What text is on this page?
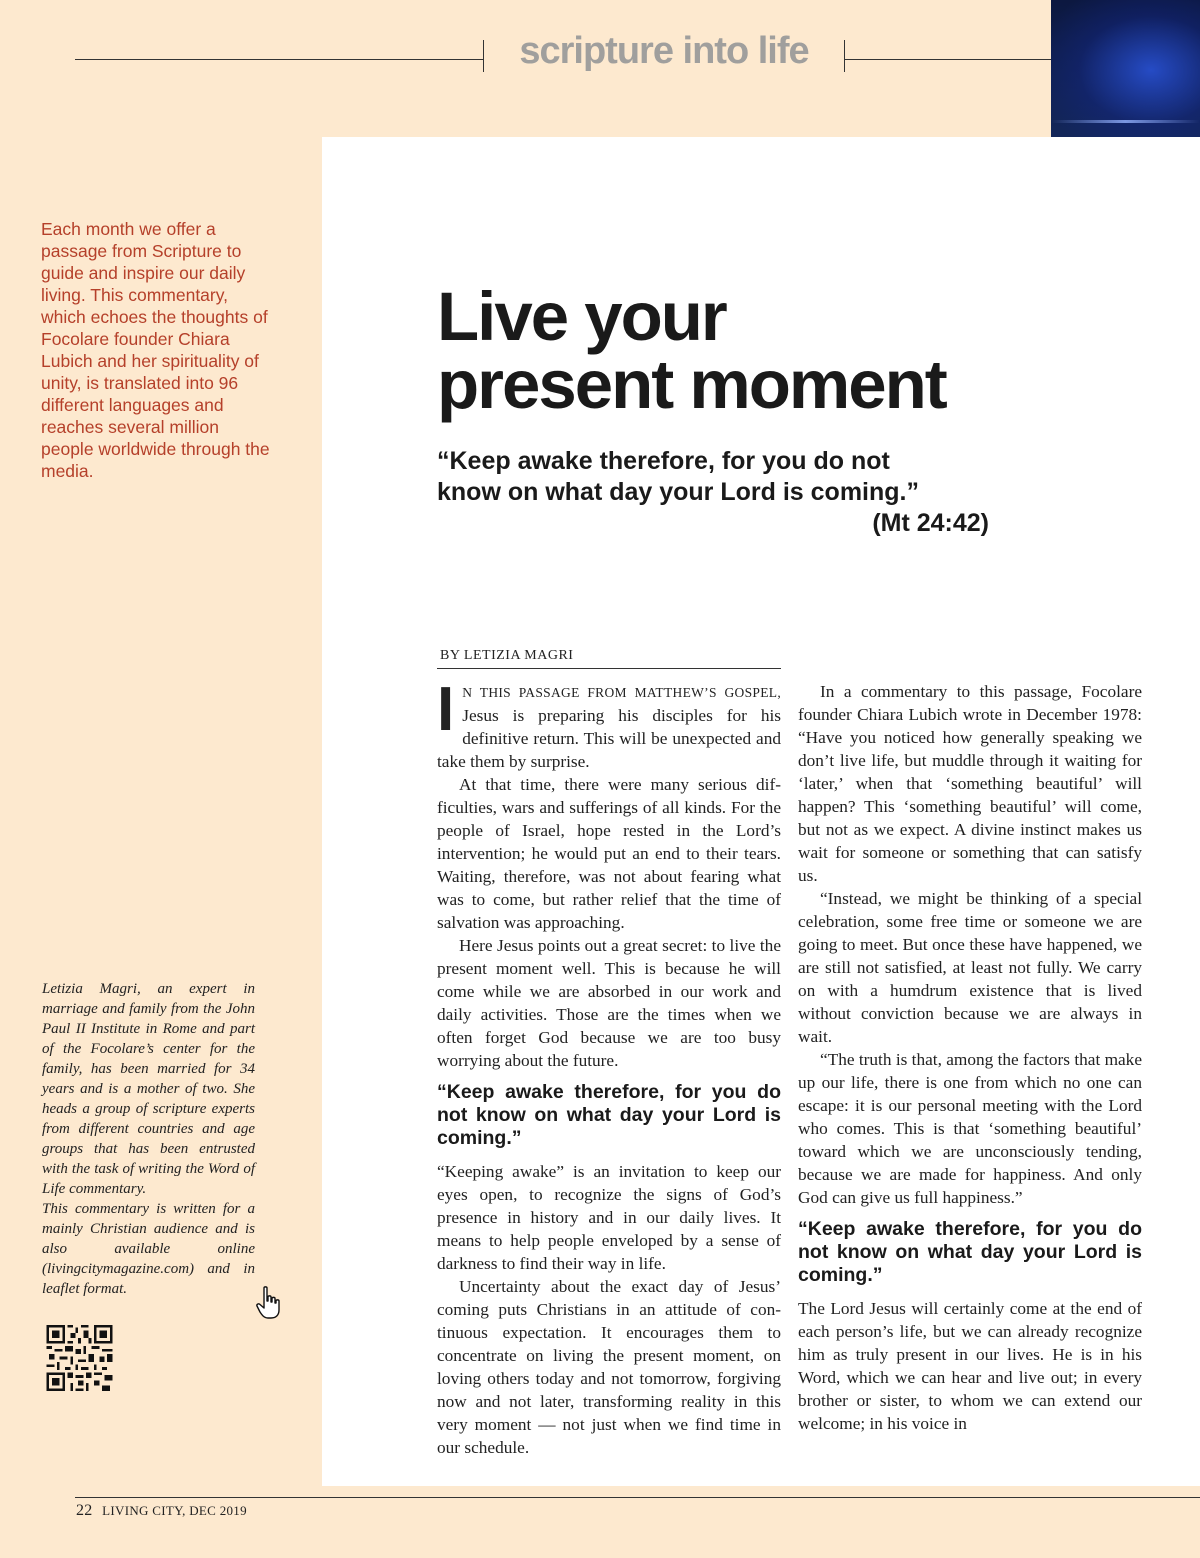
scripture into life
Each month we offer a passage from Scripture to guide and inspire our daily living. This commentary, which echoes the thoughts of Focolare founder Chiara Lubich and her spirituality of unity, is translated into 96 different languages and reaches several million people worldwide through the media.

Letizia Magri, an expert in marriage and family from the John Paul II Institute in Rome and part of the Focolare’s center for the family, has been married for 34 years and is a mother of two. She heads a group of scripture experts from different countries and age groups that has been entrusted with the task of writing the Word of Life commentary.

This commentary is written for a mainly Christian audience and is also available online (livingcitymagazine.com) and in leaflet format.

Live your
present moment
“Keep awake therefore, for you do not
know on what day your Lord is coming.”
(Mt 24:42)
BY LETIZIA MAGRI

I N THIS PASSAGE FROM MATTHEW’S GOSPEL, Jesus is preparing his disciples for his definitive return. This will be unexpected and take them by surprise.

At that time, there were many serious difficulties, wars and sufferings of all kinds. For the people of Israel, hope rested in the Lord’s intervention; he would put an end to their tears. Waiting, therefore, was not about fearing what was to come, but rather relief that the time of salvation was approaching.

Here Jesus points out a great secret: to live the present moment well. This is because he will come while we are absorbed in our work and daily activities. Those are the times when we often forget God because we are too busy worrying about the future.

“Keep awake therefore, for you do not know on what day your Lord is coming.”

“Keeping awake” is an invitation to keep our eyes open, to recognize the signs of God’s presence in history and in our daily lives. It means to help people enveloped by a sense of darkness to find their way in life.

Uncertainty about the exact day of Jesus’ coming puts Christians in an attitude of continuous expectation. It encourages them to concentrate on living the present moment, on loving others today and not tomorrow, forgiving now and not later, transforming reality in this very moment — not just when we find time in our schedule.

In a commentary to this passage, Focolare founder Chiara Lubich wrote in December 1978: “Have you noticed how generally speaking we don’t live life, but muddle through it waiting for ‘later,’ when that ‘something beautiful’ will happen? This ‘something beautiful’ will come, but not as we expect. A divine instinct makes us wait for someone or something that can satisfy us.

“Instead, we might be thinking of a special celebration, some free time or someone we are going to meet. But once these have happened, we are still not satisfied, at least not fully. We carry on with a humdrum existence that is lived without conviction because we are always in wait.

“The truth is that, among the factors that make up our life, there is one from which no one can escape: it is our personal meeting with the Lord who comes. This is that ‘something beautiful’ toward which we are unconsciously tending, because we are made for happiness. And only God can give us full happiness.”

“Keep awake therefore, for you do not know on what day your Lord is coming.”

The Lord Jesus will certainly come at the end of each person’s life, but we can already recognize him as truly present in our lives. He is in his Word, which we can hear and live out; in every brother or sister, to whom we can extend our welcome; in his voice in

22 LIVING CITY, DEC 2019
